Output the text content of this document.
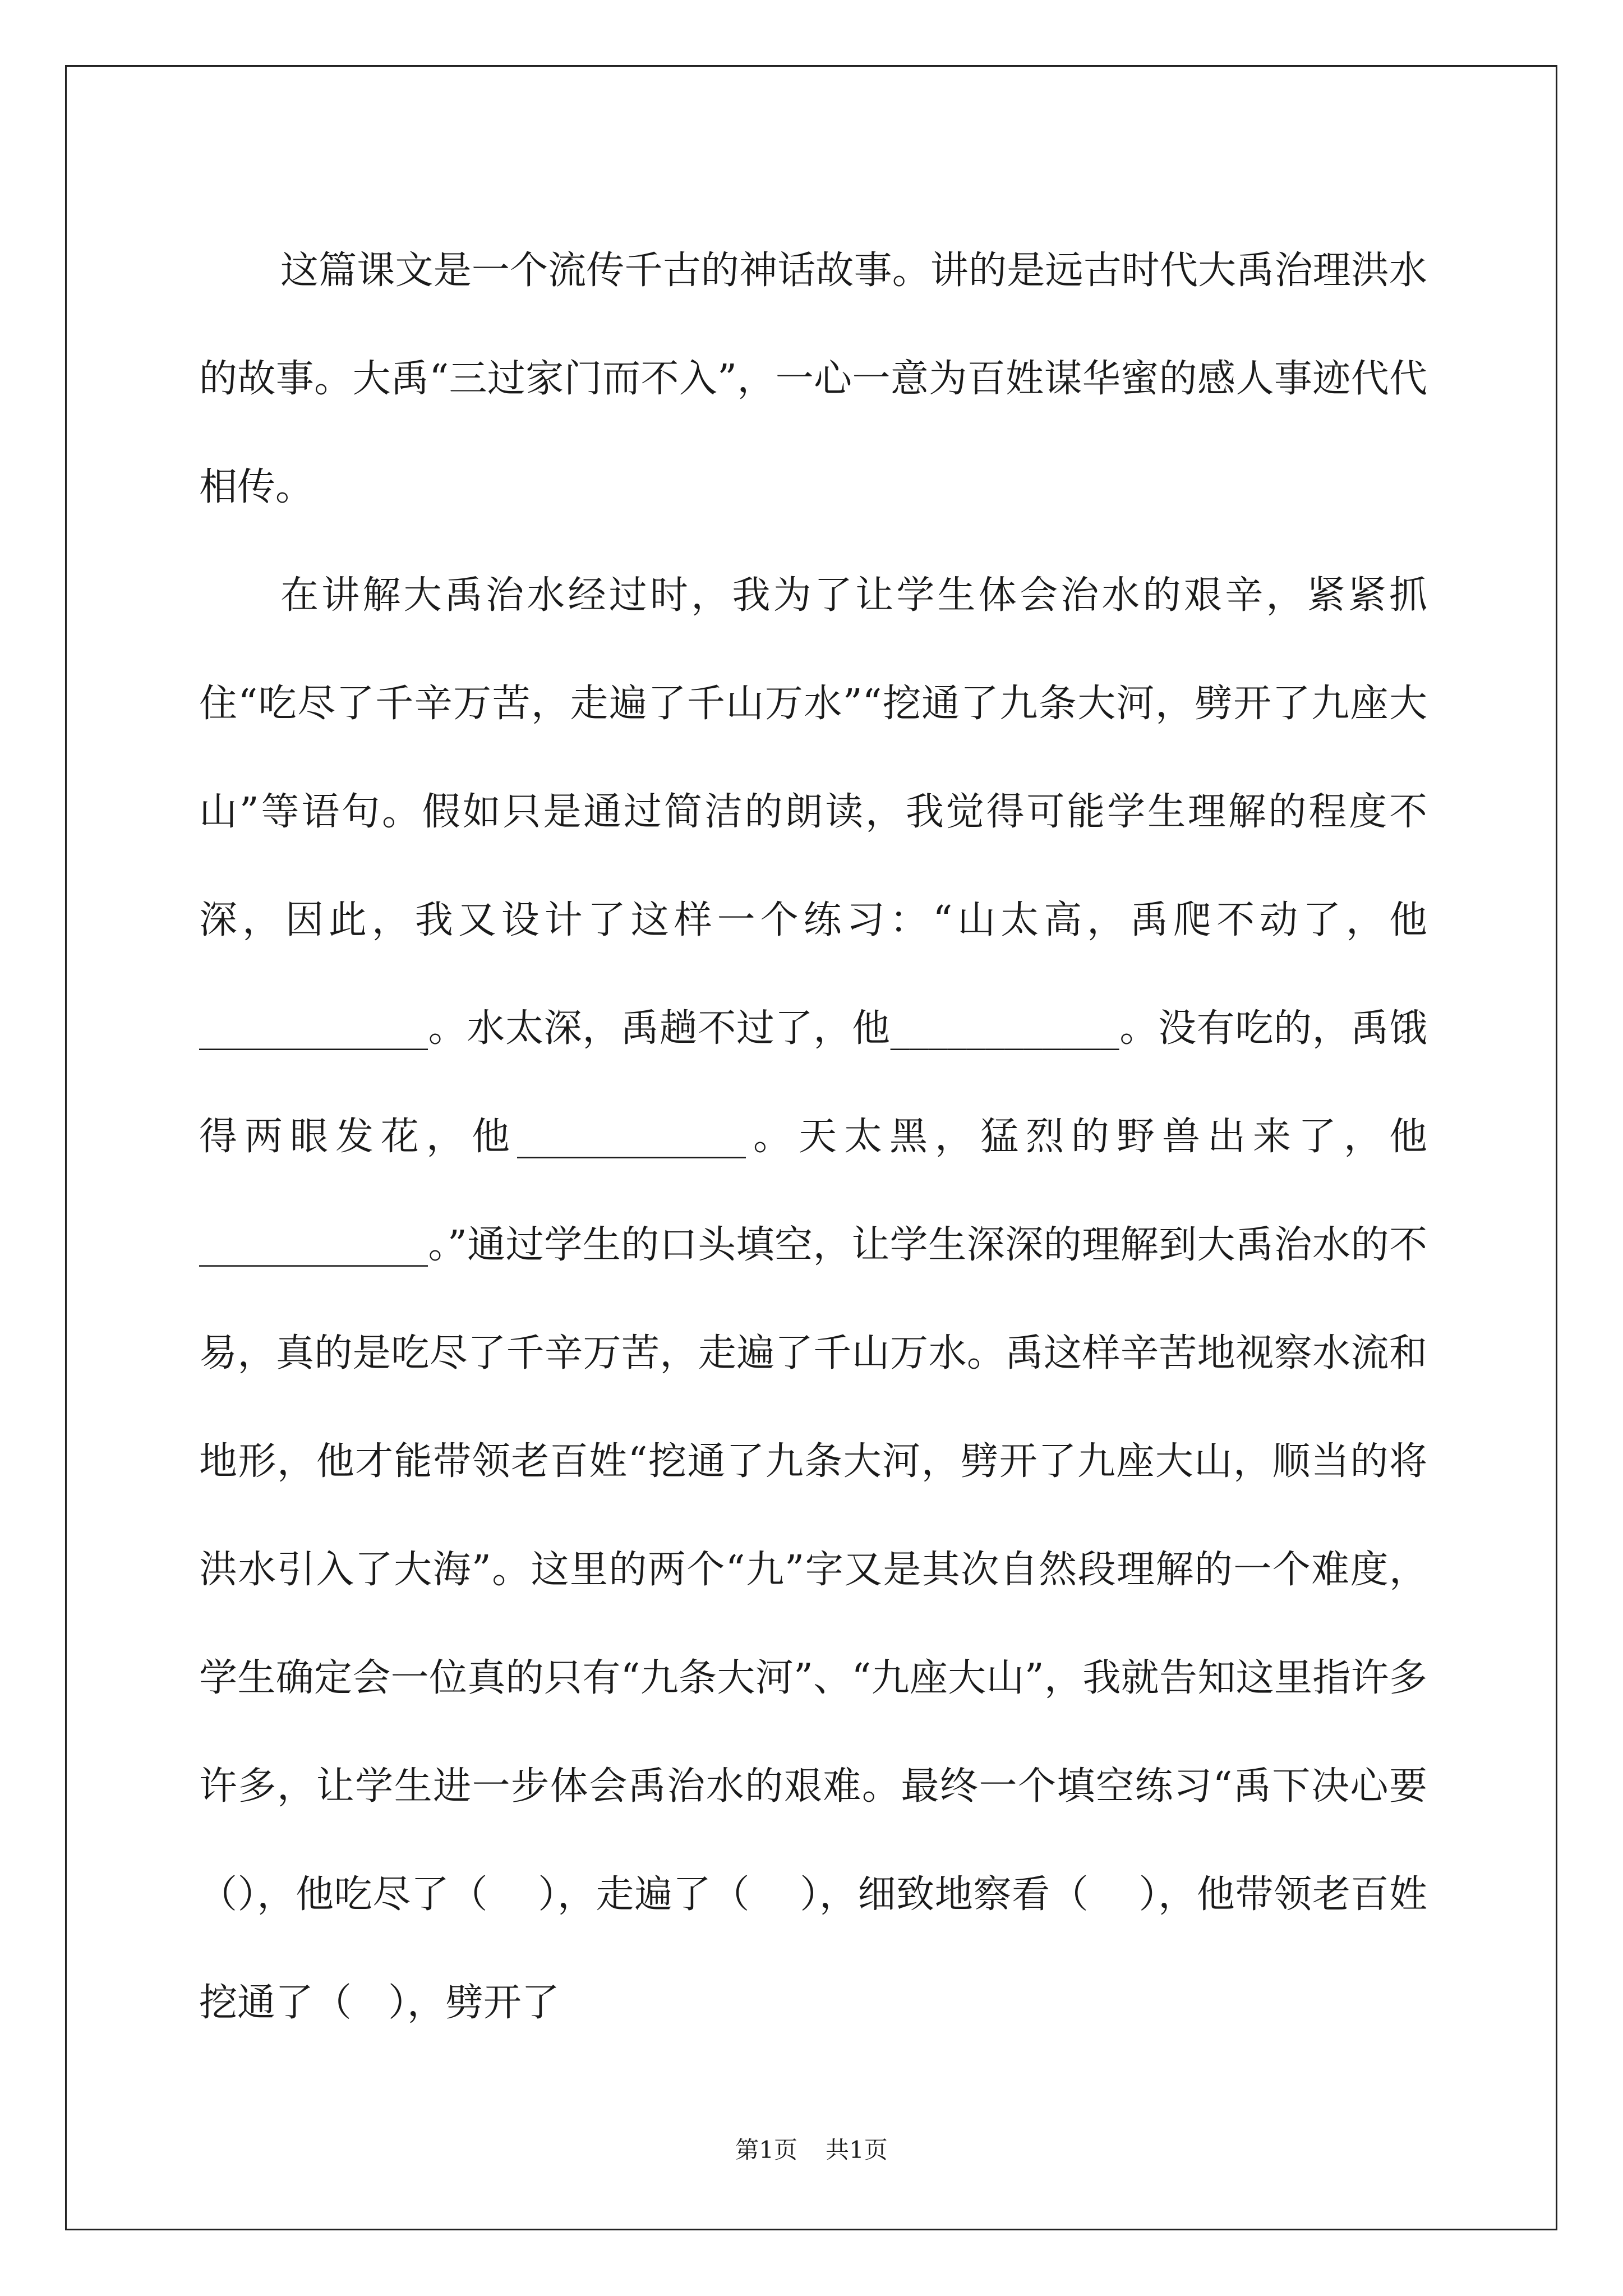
这篇课文是一个流传千古的神话故事。讲的是远古时代大禹治理洪水的故事。大禹“三过家门而不入”，一心一意为百姓谋华蜜的感人事迹代代相传。

在讲解大禹治水经过时，我为了让学生体会治水的艰辛，紧紧抓住“吃尽了千辛万苦，走遍了千山万水”“挖通了九条大河，劈开了九座大山”等语句。假如只是通过简洁的朗读，我觉得可能学生理解的程度不深，因此，我又设计了这样一个练习：“山太高，禹爬不动了，他____________。水太深，禹趟不过了，他____________。没有吃的，禹饿得两眼发花，他____________。天太黑，猛烈的野兽出来了，他____________。”通过学生的口头填空，让学生深深的理解到大禹治水的不易，真的是吃尽了千辛万苦，走遍了千山万水。禹这样辛苦地视察水流和地形，他才能带领老百姓“挖通了九条大河，劈开了九座大山，顺当的将洪水引入了大海”。这里的两个“九”字又是其次自然段理解的一个难度，学生确定会一位真的只有“九条大河”、“九座大山”，我就告知这里指许多许多，让学生进一步体会禹治水的艰难。最终一个填空练习“禹下决心要（），他吃尽了（    ），走遍了（    ），细致地察看（    ），他带领老百姓挖通了（   ），劈开了

第1页 共1页
